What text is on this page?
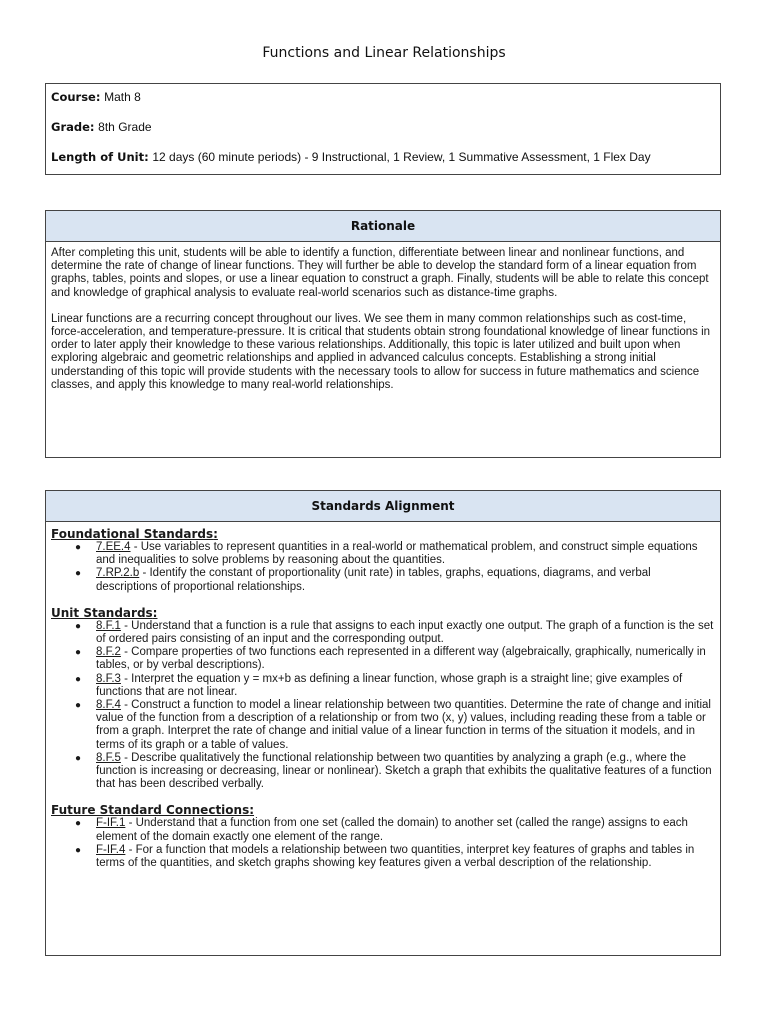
Functions and Linear Relationships
Course: Math 8
Grade: 8th Grade
Length of Unit: 12 days (60 minute periods) - 9 Instructional, 1 Review, 1 Summative Assessment, 1 Flex Day
Rationale

After completing this unit, students will be able to identify a function, differentiate between linear and nonlinear functions, and determine the rate of change of linear functions. They will further be able to develop the standard form of a linear equation from graphs, tables, points and slopes, or use a linear equation to construct a graph. Finally, students will be able to relate this concept and knowledge of graphical analysis to evaluate real-world scenarios such as distance-time graphs.

Linear functions are a recurring concept throughout our lives. We see them in many common relationships such as cost-time, force-acceleration, and temperature-pressure. It is critical that students obtain strong foundational knowledge of linear functions in order to later apply their knowledge to these various relationships. Additionally, this topic is later utilized and built upon when exploring algebraic and geometric relationships and applied in advanced calculus concepts. Establishing a strong initial understanding of this topic will provide students with the necessary tools to allow for success in future mathematics and science classes, and apply this knowledge to many real-world relationships.

Standards Alignment
Foundational Standards:
● 7.EE.4 - Use variables to represent quantities in a real-world or mathematical problem, and construct simple equations and inequalities to solve problems by reasoning about the quantities.
● 7.RP.2.b - Identify the constant of proportionality (unit rate) in tables, graphs, equations, diagrams, and verbal descriptions of proportional relationships.
Unit Standards:
● 8.F.1 - Understand that a function is a rule that assigns to each input exactly one output. The graph of a function is the set of ordered pairs consisting of an input and the corresponding output.
● 8.F.2 - Compare properties of two functions each represented in a different way (algebraically, graphically, numerically in tables, or by verbal descriptions).
● 8.F.3 - Interpret the equation y = mx+b as defining a linear function, whose graph is a straight line; give examples of functions that are not linear.
● 8.F.4 - Construct a function to model a linear relationship between two quantities. Determine the rate of change and initial value of the function from a description of a relationship or from two (x, y) values, including reading these from a table or from a graph. Interpret the rate of change and initial value of a linear function in terms of the situation it models, and in terms of its graph or a table of values.
● 8.F.5 - Describe qualitatively the functional relationship between two quantities by analyzing a graph (e.g., where the function is increasing or decreasing, linear or nonlinear). Sketch a graph that exhibits the qualitative features of a function that has been described verbally.
Future Standard Connections:
● F-IF.1 - Understand that a function from one set (called the domain) to another set (called the range) assigns to each element of the domain exactly one element of the range.
● F-IF.4 - For a function that models a relationship between two quantities, interpret key features of graphs and tables in terms of the quantities, and sketch graphs showing key features given a verbal description of the relationship.
